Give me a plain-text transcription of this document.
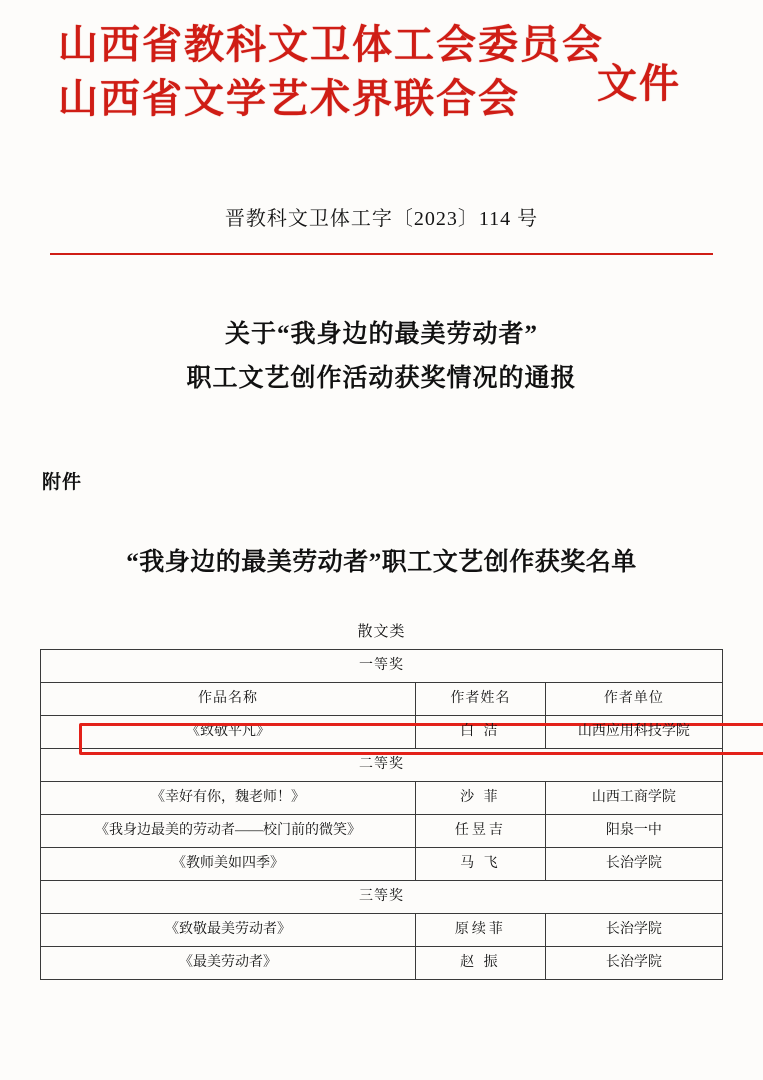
山西省教科文卫体工会委员会
山西省文学艺术界联合会	文件
晋教科文卫体工字〔2023〕114 号
关于“我身边的最美劳动者”
职工文艺创作活动获奖情况的通报
附件
“我身边的最美劳动者”职工文艺创作获奖名单
散文类
一等奖		
作品名称	作者姓名	作者单位
《致敬平凡》	白 洁	山西应用科技学院
二等奖		
《幸好有你，魏老师！》	沙 菲	山西工商学院
《我身边最美的劳动者——校门前的微笑》	任昱吉	阳泉一中
《教师美如四季》	马 飞	长治学院
三等奖		
《致敬最美劳动者》	原续菲	长治学院
《最美劳动者》	赵 振	长治学院
